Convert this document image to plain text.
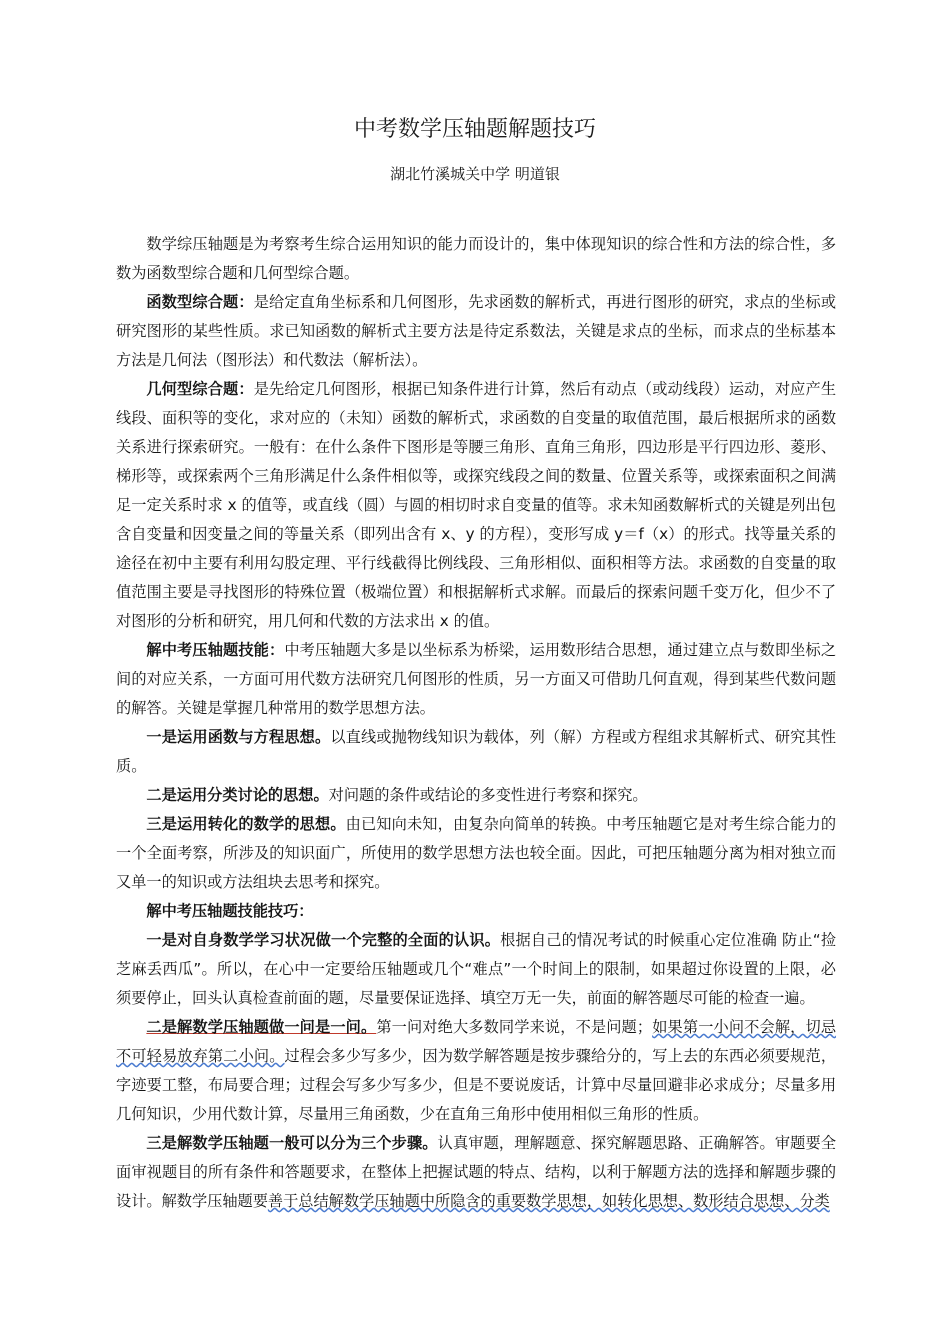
中考数学压轴题解题技巧
湖北竹溪城关中学 明道银

数学综压轴题是为考察考生综合运用知识的能力而设计的，集中体现知识的综合性和方法的综合性，多数为函数型综合题和几何型综合题。

函数型综合题：是给定直角坐标系和几何图形，先求函数的解析式，再进行图形的研究，求点的坐标或研究图形的某些性质。求已知函数的解析式主要方法是待定系数法，关键是求点的坐标，而求点的坐标基本方法是几何法（图形法）和代数法（解析法）。

几何型综合题：是先给定几何图形，根据已知条件进行计算，然后有动点（或动线段）运动，对应产生线段、面积等的变化，求对应的（未知）函数的解析式，求函数的自变量的取值范围，最后根据所求的函数关系进行探索研究。一般有：在什么条件下图形是等腰三角形、直角三角形，四边形是平行四边形、菱形、梯形等，或探索两个三角形满足什么条件相似等，或探究线段之间的数量、位置关系等，或探索面积之间满足一定关系时求 x 的值等，或直线（圆）与圆的相切时求自变量的值等。求未知函数解析式的关键是列出包含自变量和因变量之间的等量关系（即列出含有 x、y 的方程），变形写成 y＝f（x）的形式。找等量关系的途径在初中主要有利用勾股定理、平行线截得比例线段、三角形相似、面积相等方法。求函数的自变量的取值范围主要是寻找图形的特殊位置（极端位置）和根据解析式求解。而最后的探索问题千变万化，但少不了对图形的分析和研究，用几何和代数的方法求出 x 的值。

解中考压轴题技能：中考压轴题大多是以坐标系为桥梁，运用数形结合思想，通过建立点与数即坐标之间的对应关系，一方面可用代数方法研究几何图形的性质，另一方面又可借助几何直观，得到某些代数问题的解答。关键是掌握几种常用的数学思想方法。

一是运用函数与方程思想。以直线或抛物线知识为载体，列（解）方程或方程组求其解析式、研究其性质。

二是运用分类讨论的思想。对问题的条件或结论的多变性进行考察和探究。

三是运用转化的数学的思想。由已知向未知，由复杂向简单的转换。中考压轴题它是对考生综合能力的一个全面考察，所涉及的知识面广，所使用的数学思想方法也较全面。因此，可把压轴题分离为相对独立而又单一的知识或方法组块去思考和探究。

解中考压轴题技能技巧：

一是对自身数学学习状况做一个完整的全面的认识。根据自己的情况考试的时候重心定位准确 防止“捡芝麻丢西瓜”。所以，在心中一定要给压轴题或几个“难点”一个时间上的限制，如果超过你设置的上限，必须要停止，回头认真检查前面的题，尽量要保证选择、填空万无一失，前面的解答题尽可能的检查一遍。

二是解数学压轴题做一问是一问。第一问对绝大多数同学来说，不是问题；如果第一小问不会解，切忌不可轻易放弃第二小问。过程会多少写多少，因为数学解答题是按步骤给分的，写上去的东西必须要规范，字迹要工整，布局要合理；过程会写多少写多少，但是不要说废话，计算中尽量回避非必求成分；尽量多用几何知识，少用代数计算，尽量用三角函数，少在直角三角形中使用相似三角形的性质。

三是解数学压轴题一般可以分为三个步骤。认真审题，理解题意、探究解题思路、正确解答。审题要全面审视题目的所有条件和答题要求，在整体上把握试题的特点、结构，以利于解题方法的选择和解题步骤的设计。解数学压轴题要善于总结解数学压轴题中所隐含的重要数学思想，如转化思想、数形结合思想、分类
